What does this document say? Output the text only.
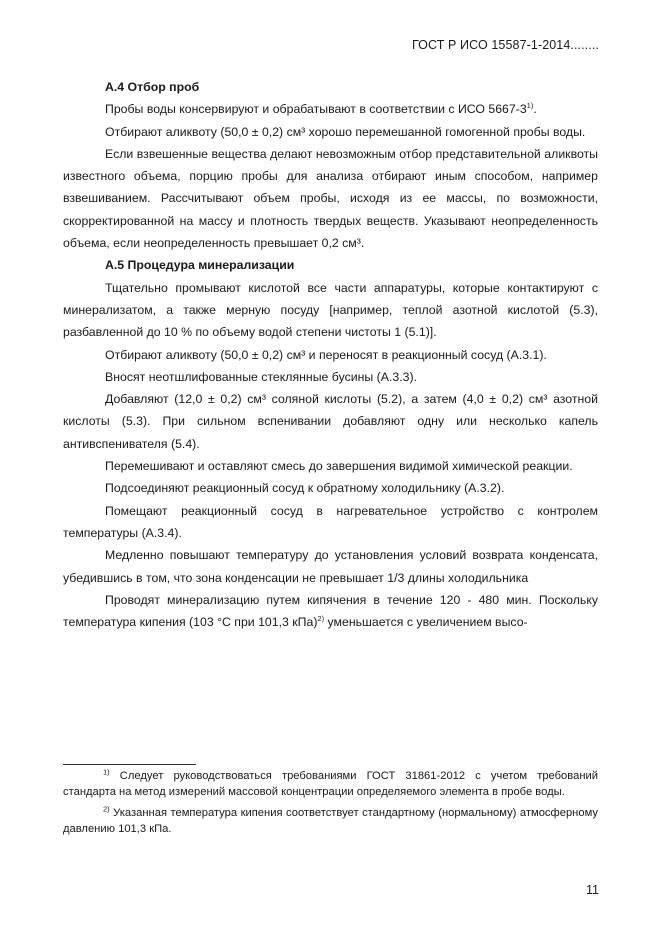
ГОСТ Р ИСО 15587-1-2014........
А.4 Отбор проб

Пробы воды консервируют и обрабатывают в соответствии с ИСО 5667-3$^{1)}$.

Отбирают аликвоту (50,0 ± 0,2) см³ хорошо перемешанной гомогенной пробы воды.

Если взвешенные вещества делают невозможным отбор представительной аликвоты известного объема, порцию пробы для анализа отбирают иным способом, например взвешиванием. Рассчитывают объем пробы, исходя из ее массы, по возможности, скорректированной на массу и плотность твердых веществ. Указывают неопределенность объема, если неопределенность превышает 0,2 см³.

А.5 Процедура минерализации

Тщательно промывают кислотой все части аппаратуры, которые контактируют с минерализатом, а также мерную посуду [например, теплой азотной кислотой (5.3), разбавленной до 10 % по объему водой степени чистоты 1 (5.1)].

Отбирают аликвоту (50,0 ± 0,2) см³ и переносят в реакционный сосуд (А.3.1).

Вносят неотшлифованные стеклянные бусины (А.3.3).

Добавляют (12,0 ± 0,2) см³ соляной кислоты (5.2), а затем (4,0 ± 0,2) см³ азотной кислоты (5.3). При сильном вспенивании добавляют одну или несколько капель антивспенивателя (5.4).

Перемешивают и оставляют смесь до завершения видимой химической реакции.

Подсоединяют реакционный сосуд к обратному холодильнику (А.3.2).

Помещают реакционный сосуд в нагревательное устройство с контролем температуры (А.3.4).

Медленно повышают температуру до установления условий возврата конденсата, убедившись в том, что зона конденсации не превышает 1/3 длины холодильника

Проводят минерализацию путем кипячения в течение 120 - 480 мин. Поскольку температура кипения (103 °С при 101,3 кПа)$^{2)}$ уменьшается с увеличением высо-

$^{1)}$ Следует руководствоваться требованиями ГОСТ 31861-2012 с учетом требований стандарта на метод измерений массовой концентрации определяемого элемента в пробе воды.

$^{2)}$ Указанная температура кипения соответствует стандартному (нормальному) атмосферному давлению 101,3 кПа.

11
